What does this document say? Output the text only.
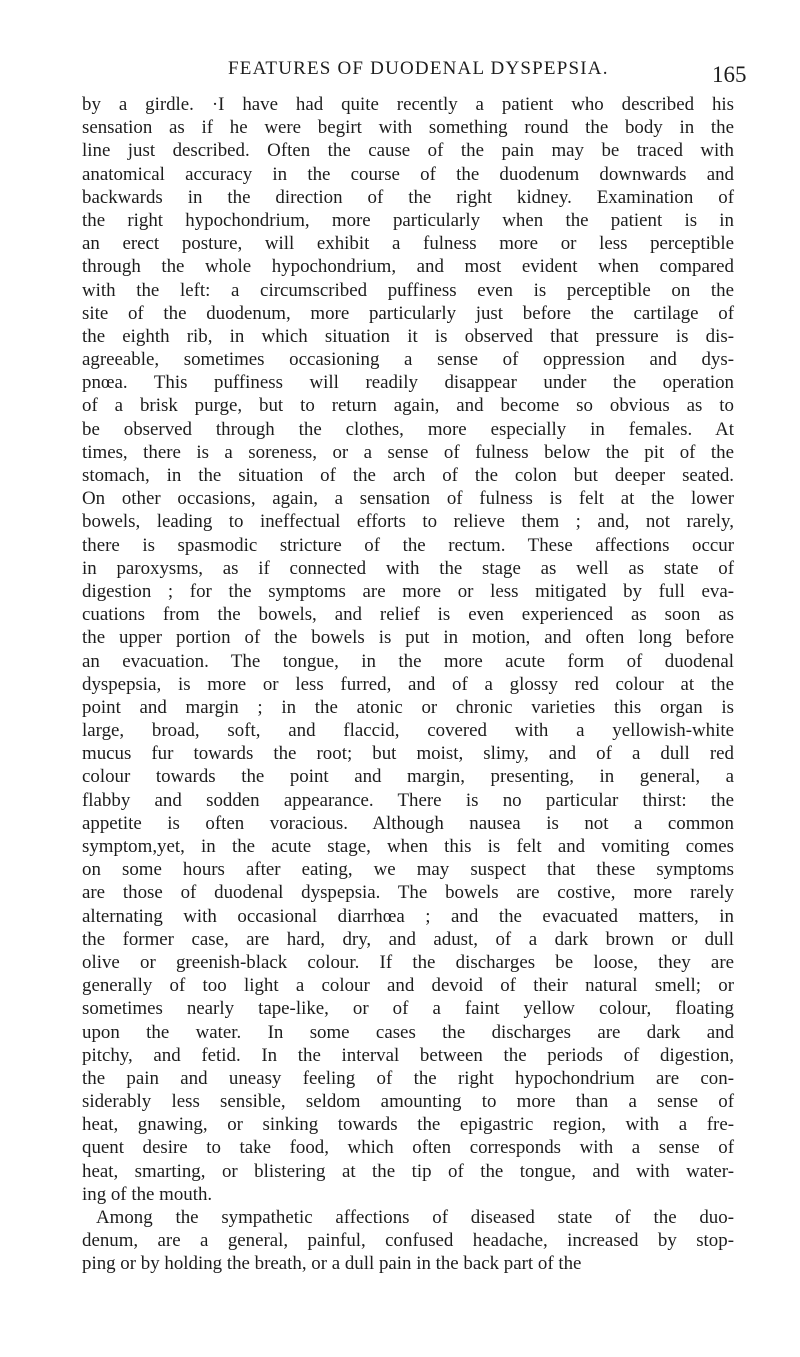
FEATURES OF DUODENAL DYSPEPSIA.	165
by a girdle. ·I have had quite recently a patient who described his
sensation as if he were begirt with something round the body in the
line just described. Often the cause of the pain may be traced with
anatomical accuracy in the course of the duodenum downwards and
backwards in the direction of the right kidney. Examination of
the right hypochondrium, more particularly when the patient is in
an erect posture, will exhibit a fulness more or less perceptible
through the whole hypochondrium, and most evident when compared
with the left: a circumscribed puffiness even is perceptible on the
site of the duodenum, more particularly just before the cartilage of
the eighth rib, in which situation it is observed that pressure is dis-
agreeable, sometimes occasioning a sense of oppression and dys-
pnœa. This puffiness will readily disappear under the operation
of a brisk purge, but to return again, and become so obvious as to
be observed through the clothes, more especially in females. At
times, there is a soreness, or a sense of fulness below the pit of the
stomach, in the situation of the arch of the colon but deeper seated.
On other occasions, again, a sensation of fulness is felt at the lower
bowels, leading to ineffectual efforts to relieve them ; and, not rarely,
there is spasmodic stricture of the rectum. These affections occur
in paroxysms, as if connected with the stage as well as state of
digestion ; for the symptoms are more or less mitigated by full eva-
cuations from the bowels, and relief is even experienced as soon as
the upper portion of the bowels is put in motion, and often long before
an evacuation. The tongue, in the more acute form of duodenal
dyspepsia, is more or less furred, and of a glossy red colour at the
point and margin ; in the atonic or chronic varieties this organ is
large, broad, soft, and flaccid, covered with a yellowish-white
mucus fur towards the root; but moist, slimy, and of a dull red
colour towards the point and margin, presenting, in general, a
flabby and sodden appearance. There is no particular thirst: the
appetite is often voracious. Although nausea is not a common
symptom,yet, in the acute stage, when this is felt and vomiting comes
on some hours after eating, we may suspect that these symptoms
are those of duodenal dyspepsia. The bowels are costive, more rarely
alternating with occasional diarrhœa ; and the evacuated matters, in
the former case, are hard, dry, and adust, of a dark brown or dull
olive or greenish-black colour. If the discharges be loose, they are
generally of too light a colour and devoid of their natural smell; or
sometimes nearly tape-like, or of a faint yellow colour, floating
upon the water. In some cases the discharges are dark and
pitchy, and fetid. In the interval between the periods of digestion,
the pain and uneasy feeling of the right hypochondrium are con-
siderably less sensible, seldom amounting to more than a sense of
heat, gnawing, or sinking towards the epigastric region, with a fre-
quent desire to take food, which often corresponds with a sense of
heat, smarting, or blistering at the tip of the tongue, and with water-
ing of the mouth.
Among the sympathetic affections of diseased state of the duo-
denum, are a general, painful, confused headache, increased by stop-
ping or by holding the breath, or a dull pain in the back part of the
